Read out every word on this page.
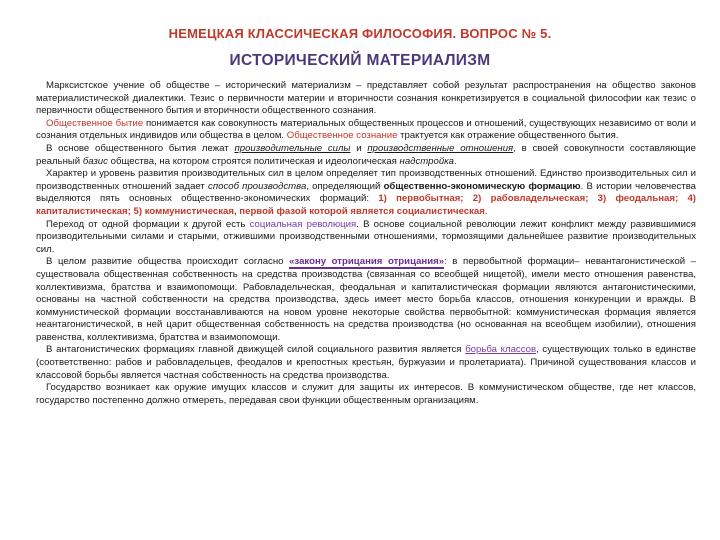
НЕМЕЦКАЯ КЛАССИЧЕСКАЯ ФИЛОСОФИЯ. ВОПРОС № 5.
ИСТОРИЧЕСКИЙ МАТЕРИАЛИЗМ

Марксистское учение об обществе – исторический материализм – представляет собой результат распространения на общество законов материалистической диалектики. Тезис о первичности материи и вторичности сознания конкретизируется в социальной философии как тезис о первичности общественного бытия и вторичности общественного сознания.

Общественное бытие понимается как совокупность материальных общественных процессов и отношений, существующих независимо от воли и сознания отдельных индивидов или общества в целом. Общественное сознание трактуется как отражение общественного бытия.

В основе общественного бытия лежат производительные силы и производственные отношения, в своей совокупности составляющие реальный базис общества, на котором строятся политическая и идеологическая надстройка.

Характер и уровень развития производительных сил в целом определяет тип производственных отношений. Единство производительных сил и производственных отношений задает способ производства, определяющий общественно-экономическую формацию. В истории человечества выделяются пять основных общественно-экономических формаций: 1) первобытная; 2) рабовладельческая; 3) феодальная; 4) капиталистическая; 5) коммунистическая, первой фазой которой является социалистическая.

Переход от одной формации к другой есть социальная революция. В основе социальной революции лежит конфликт между развившимися производительными силами и старыми, отжившими производственными отношениями, тормозящими дальнейшее развитие производительных сил.

В целом развитие общества происходит согласно «закону отрицания отрицания»: в первобытной формации– невантагонистической – существовала общественная собственность на средства производства (связанная со всеобщей нищетой), имели место отношения равенства, коллективизма, братства и взаимопомощи. Рабовладельческая, феодальная и капиталистическая формации являются антагонистическими, основаны на частной собственности на средства производства, здесь имеет место борьба классов, отношения конкуренции и вражды. В коммунистической формации восстанавливаются на новом уровне некоторые свойства первобытной: коммунистическая формация является неантагонистической, в ней царит общественная собственность на средства производства (но основанная на всеобщем изобилии), отношения равенства, коллективизма, братства и взаимопомощи.

В антагонистических формациях главной движущей силой социального развития является борьба классов, существующих только в единстве (соответственно: рабов и рабовладельцев, феодалов и крепостных крестьян, буржуазии и пролетариата). Причиной существования классов и классовой борьбы является частная собственность на средства производства.

Государство возникает как оружие имущих классов и служит для защиты их интересов. В коммунистическом обществе, где нет классов, государство постепенно должно отмереть, передавая свои функции общественным организациям.
